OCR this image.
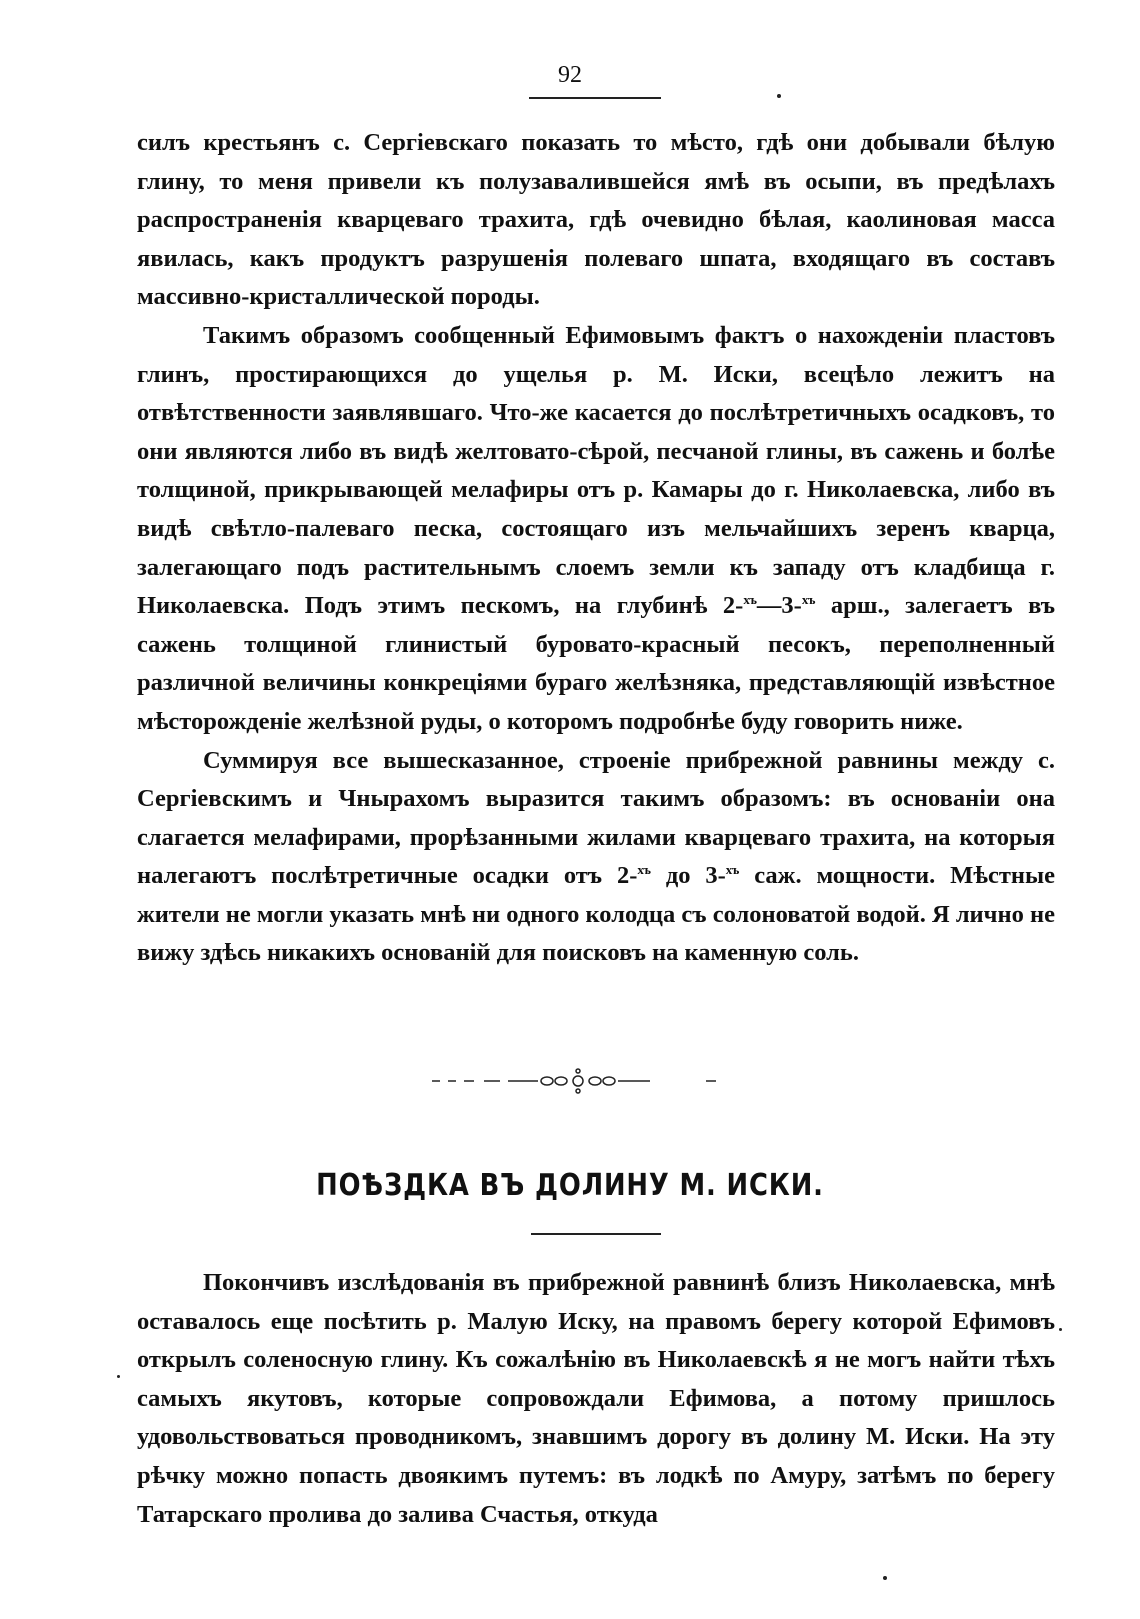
92

силъ крестьянъ с. Сергіевскаго показать то мѣсто, гдѣ они добывали бѣлую глину, то меня привели къ полузавалившейся ямѣ въ осыпи, въ предѣлахъ распространенія кварцеваго трахита, гдѣ очевидно бѣлая, каолиновая масса явилась, какъ продуктъ разрушенія полеваго шпата, входящаго въ составъ массивно-кристаллической породы.

Такимъ образомъ сообщенный Ефимовымъ фактъ о нахожденіи пластовъ глинъ, простирающихся до ущелья р. М. Иски, всецѣло лежитъ на отвѣтственности заявлявшаго. Что-же касается до послѣтретичныхъ осадковъ, то они являются либо въ видѣ желтовато-сѣрой, песчаной глины, въ сажень и болѣе толщиной, прикрывающей мелафиры отъ р. Камары до г. Николаевска, либо въ видѣ свѣтло-палеваго песка, состоящаго изъ мельчайшихъ зеренъ кварца, залегающаго подъ растительнымъ слоемъ земли къ западу отъ кладбища г. Николаевска. Подъ этимъ пескомъ, на глубинѣ 2-$^{хъ}$—3-$^{хъ}$ арш., залегаетъ въ сажень толщиной глинистый буровато-красный песокъ, переполненный различной величины конкреціями бураго желѣзняка, представляющій извѣстное мѣсторожденіе желѣзной руды, о которомъ подробнѣе буду говорить ниже.

Суммируя все вышесказанное, строеніе прибрежной равнины между с. Сергіевскимъ и Чнырахомъ выразится такимъ образомъ: въ основаніи она слагается мелафирами, прорѣзанными жилами кварцеваго трахита, на которыя налегаютъ послѣтретичные осадки отъ 2-$^{хъ}$ до 3-$^{хъ}$ саж. мощности. Мѣстные жители не могли указать мнѣ ни одного колодца съ солоноватой водой. Я лично не вижу здѣсь никакихъ основаній для поисковъ на каменную соль.

ПОѢЗДКА ВЪ ДОЛИНУ М. ИСКИ.

Покончивъ изслѣдованія въ прибрежной равнинѣ близъ Николаевска, мнѣ оставалось еще посѣтить р. Малую Иску, на правомъ берегу которой Ефимовъ открылъ соленосную глину. Къ сожалѣнію въ Николаевскѣ я не могъ найти тѣхъ самыхъ якутовъ, которые сопровождали Ефимова, а потому пришлось удовольствоваться проводникомъ, знавшимъ дорогу въ долину М. Иски. На эту рѣчку можно попасть двоякимъ путемъ: въ лодкѣ по Амуру, затѣмъ по берегу Татарскаго пролива до залива Счастья, откуда
